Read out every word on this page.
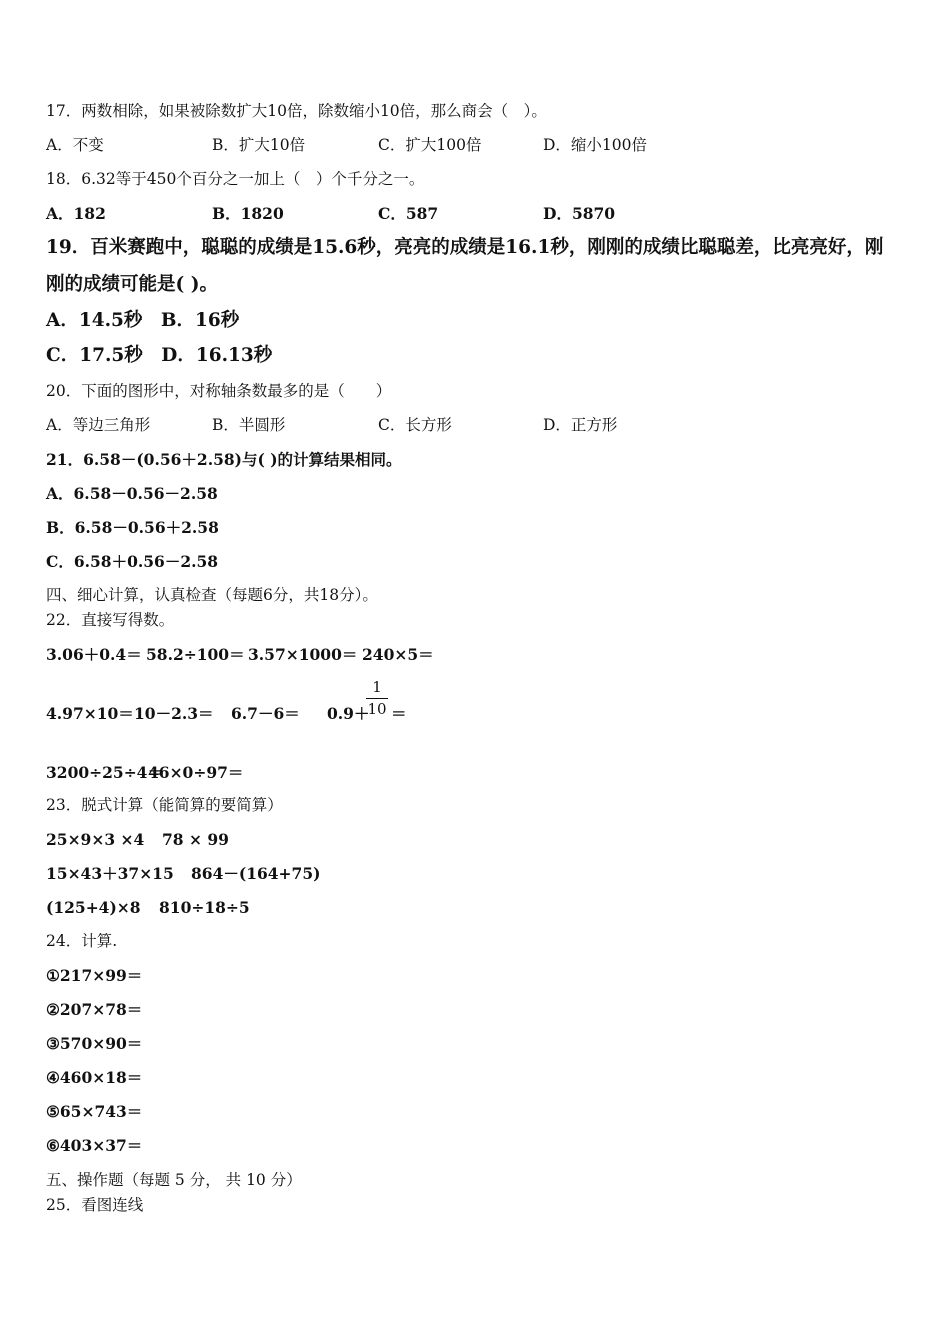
17．两数相除，如果被除数扩大10倍，除数缩小10倍，那么商会（　）。
A．不变	B．扩大10倍	C．扩大100倍	D．缩小100倍
18．6.32等于450个百分之一加上（　）个千分之一。
A．182	B．1820	C．587	D．5870
19．百米赛跑中，聪聪的成绩是15.6秒，亮亮的成绩是16.1秒，刚刚的成绩比聪聪差，比亮亮好，刚
刚的成绩可能是( )。
A．14.5秒　B．16秒
C．17.5秒　D．16.13秒
20．下面的图形中，对称轴条数最多的是（　　）
A．等边三角形	B．半圆形	C．长方形	D．正方形
21．6.58－(0.56＋2.58)与( )的计算结果相同。
A．6.58－0.56－2.58
B．6.58－0.56＋2.58
C．6.58＋0.56－2.58
四、细心计算，认真检查（每题6分，共18分）。
22．直接写得数。
3.06＋0.4＝ 58.2÷100＝ 3.57×1000＝ 240×5＝
4.97×10＝ 10－2.3＝ 6.7－6＝ 0.9＋
1
10 ＝
3200÷25÷4＝
46×0÷97＝
23．脱式计算（能简算的要简算）
25×9×3 ×4 78 × 99
15×43＋37×15 864－(164+75)
(125+4)×8 810÷18÷5
24．计算.
①217×99＝
②207×78＝
③570×90＝
④460×18＝
⑤65×743＝
⑥403×37＝
五、操作题（每题 5 分， 共 10 分）
25．看图连线
